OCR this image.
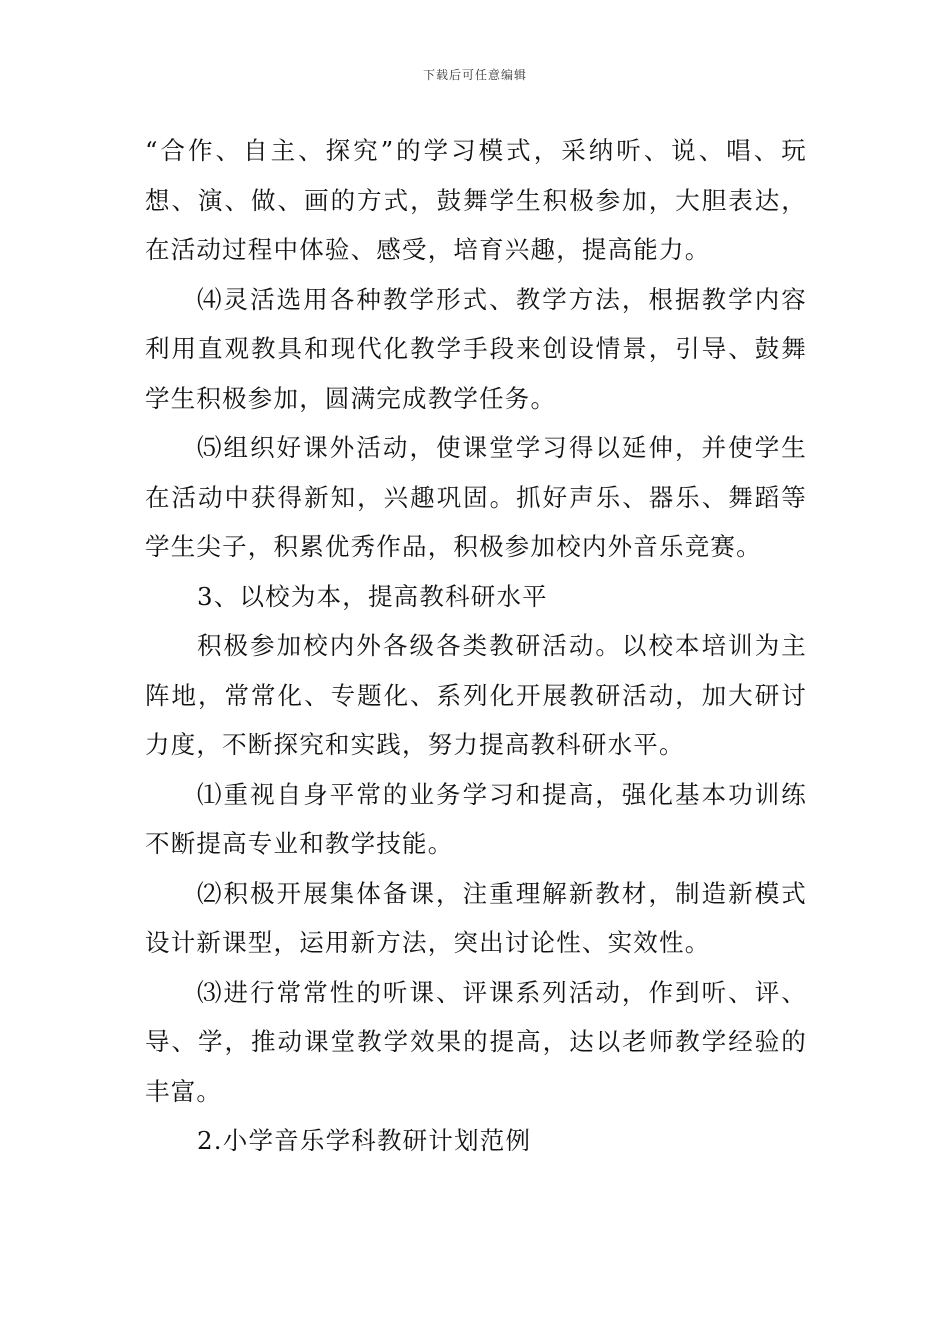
下载后可任意编辑

“合作、自主、探究”的学习模式，采纳听、说、唱、玩想、演、做、画的方式，鼓舞学生积极参加，大胆表达，在活动过程中体验、感受，培育兴趣，提高能力。

⑷灵活选用各种教学形式、教学方法，根据教学内容利用直观教具和现代化教学手段来创设情景，引导、鼓舞学生积极参加，圆满完成教学任务。

⑸组织好课外活动，使课堂学习得以延伸，并使学生在活动中获得新知，兴趣巩固。抓好声乐、器乐、舞蹈等学生尖子，积累优秀作品，积极参加校内外音乐竞赛。

3、以校为本，提高教科研水平

积极参加校内外各级各类教研活动。以校本培训为主阵地，常常化、专题化、系列化开展教研活动，加大研讨力度，不断探究和实践，努力提高教科研水平。

⑴重视自身平常的业务学习和提高，强化基本功训练不断提高专业和教学技能。

⑵积极开展集体备课，注重理解新教材，制造新模式设计新课型，运用新方法，突出讨论性、实效性。

⑶进行常常性的听课、评课系列活动，作到听、评、导、学，推动课堂教学效果的提高，达以老师教学经验的丰富。

2.小学音乐学科教研计划范例
